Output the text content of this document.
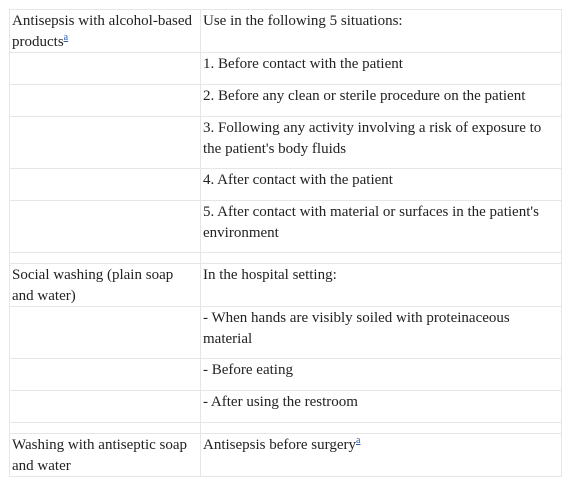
Antisepsis with alcohol-based products$^a$	Use in the following 5 situations:
	1. Before contact with the patient
	2. Before any clean or sterile procedure on the patient
	3. Following any activity involving a risk of exposure to the patient's body fluids
	4. After contact with the patient
	5. After contact with material or surfaces in the patient's environment

Social washing (plain soap and water)	In the hospital setting:
	- When hands are visibly soiled with proteinaceous material
	- Before eating
	- After using the restroom

Washing with antiseptic soap and water	Antisepsis before surgery$^a$
